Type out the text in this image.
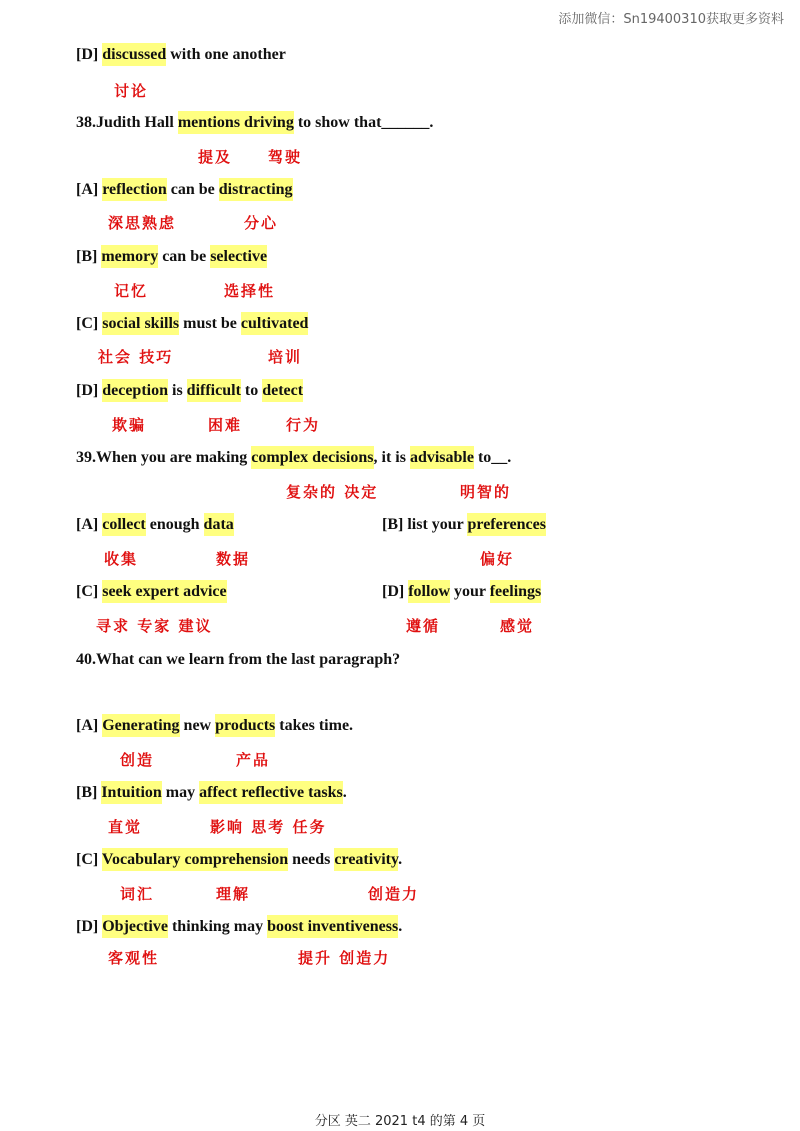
添加微信：Sn19400310获取更多资料
[D] discussed with one another
讨论
38.Judith Hall mentions driving to show that______.
提及 驾驶
[A] reflection can be distracting
深思熟虑	分心
[B] memory can be selective
记忆	选择性
[C] social skills must be cultivated
社会 技巧	培训
[D] deception is difficult to detect
欺骗	困难	行为
39.When you are making complex decisions, it is advisable to__.
复杂的 决定	明智的
[A] collect enough data	[B] list your preferences
收集	数据	偏好
[C] seek expert advice	[D] follow your feelings
寻求 专家 建议	遵循	感觉
40.What can we learn from the last paragraph?
[A] Generating new products takes time.
创造	产品
[B] Intuition may affect reflective tasks.
直觉	影响 思考 任务
[C] Vocabulary comprehension needs creativity.
词汇	理解	创造力
[D] Objective thinking may boost inventiveness.
客观性	提升 创造力
分区 英二 2021 t4 的第 4 页
